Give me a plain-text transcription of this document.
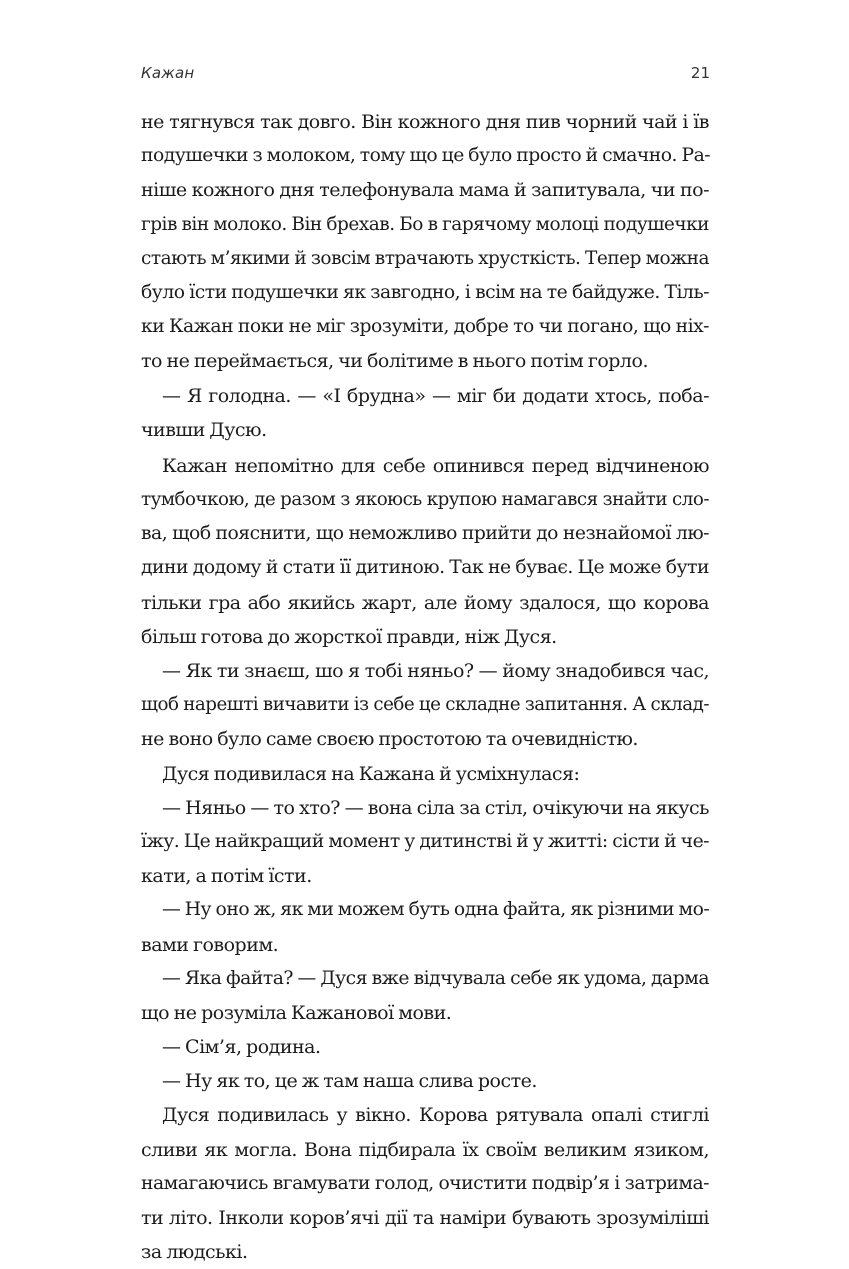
Кажан	21
не тягнувся так довго. Він кожного дня пив чорний чай і їв
подушечки з молоком, тому що це було просто й смачно. Ра-
ніше кожного дня телефонувала мама й запитувала, чи по-
грів він молоко. Він брехав. Бо в гарячому молоці подушечки
стають м’якими й зовсім втрачають хрусткість. Тепер можна
було їсти подушечки як завгодно, і всім на те байдуже. Тіль-
ки Кажан поки не міг зрозуміти, добре то чи погано, що ніх-
то не переймається, чи болітиме в нього потім горло.
— Я голодна. — «І брудна» — міг би додати хтось, поба-
чивши Дусю.
Кажан непомітно для себе опинився перед відчиненою
тумбочкою, де разом з якоюсь крупою намагався знайти сло-
ва, щоб пояснити, що неможливо прийти до незнайомої лю-
дини додому й стати її дитиною. Так не буває. Це може бути
тільки гра або якийсь жарт, але йому здалося, що корова
більш готова до жорсткої правди, ніж Дуся.
— Як ти знаєш, шо я тобі няньо? — йому знадобився час,
щоб нарешті вичавити із себе це складне запитання. А склад-
не воно було саме своєю простотою та очевидністю.
Дуся подивилася на Кажана й усміхнулася:
— Няньо — то хто? — вона сіла за стіл, очікуючи на якусь
їжу. Це найкращий момент у дитинстві й у житті: сісти й че-
кати, а потім їсти.
— Ну оно ж, як ми можем буть одна файта, як різними мо-
вами говорим.
— Яка файта? — Дуся вже відчувала себе як удома, дарма
що не розуміла Кажанової мови.
— Сім’я, родина.
— Ну як то, це ж там наша слива росте.
Дуся подивилась у вікно. Корова рятувала опалі стиглі
сливи як могла. Вона підбирала їх своїм великим язиком,
намагаючись вгамувати голод, очистити подвір’я і затрима-
ти літо. Інколи коров’ячі дії та наміри бувають зрозуміліші
за людські.
